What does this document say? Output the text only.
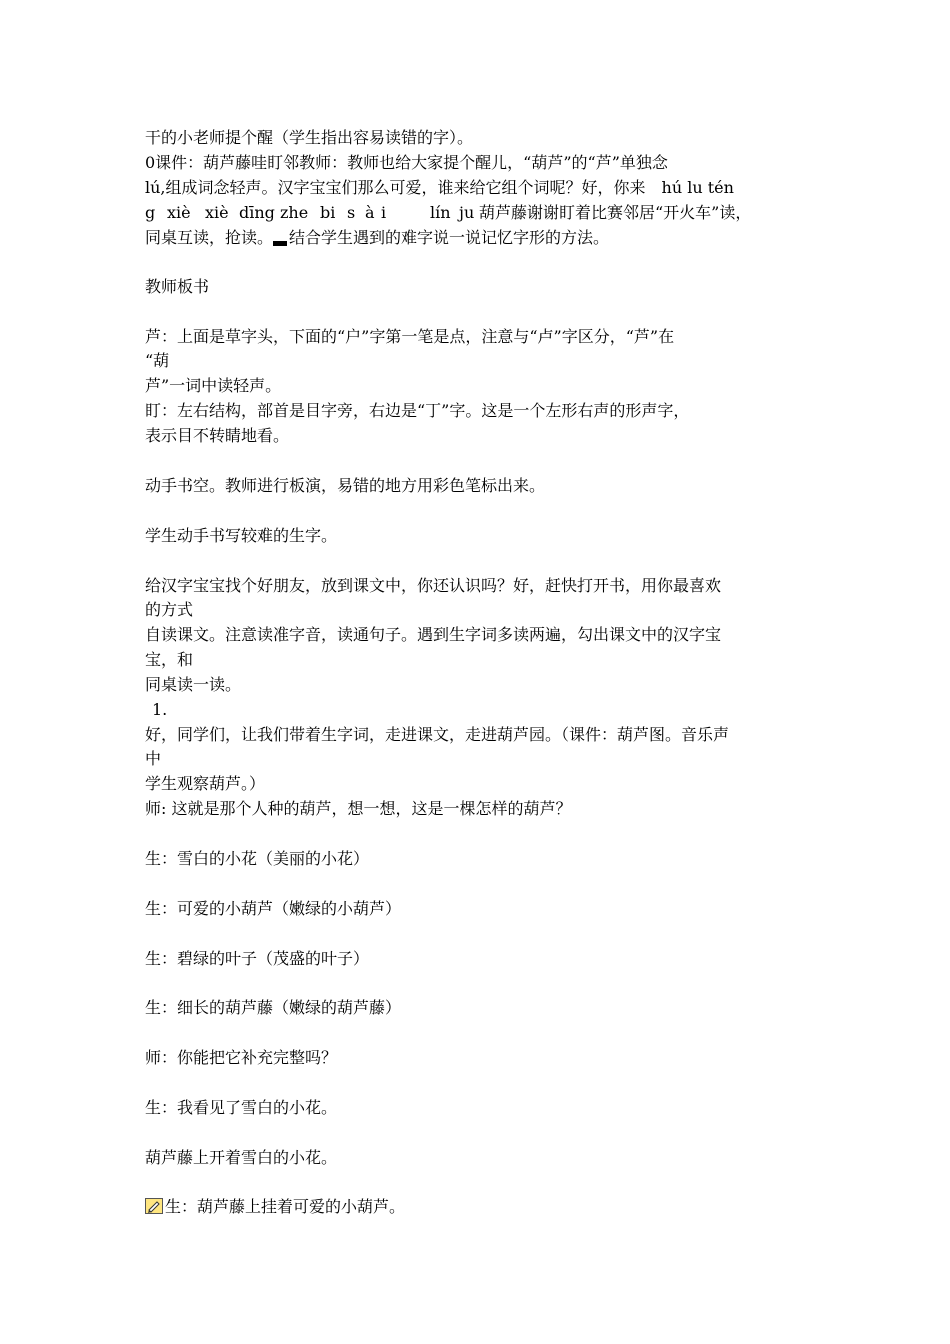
干的小老师提个醒（学生指出容易读错的字）。
0课件：葫芦藤哇盯邻教师：教师也给大家提个醒儿，“葫芦”的“芦”单独念
lú,组成词念轻声。汉字宝宝们那么可爱，谁来给它组个词呢？好，你来　hú lu tén
g xiè xiè dīng zhe bi s à i	lín ju 葫芦藤谢谢盯着比赛邻居“开火车”读，
同桌互读，抢读。 结合学生遇到的难字说一说记忆字形的方法。
教师板书
芦：上面是草字头，下面的“户”字第一笔是点，注意与“卢”字区分，“芦”在
“葫
芦”一词中读轻声。
盯：左右结构，部首是目字旁，右边是“丁”字。这是一个左形右声的形声字，
表示目不转睛地看。
动手书空。教师进行板演，易错的地方用彩色笔标出来。
学生动手书写较难的生字。
给汉字宝宝找个好朋友，放到课文中，你还认识吗？好，赶快打开书，用你最喜欢
的方式
自读课文。注意读准字音，读通句子。遇到生字词多读两遍，勾出课文中的汉字宝
宝，和
同桌读一读。
1.
好，同学们，让我们带着生字词，走进课文，走进葫芦园。（课件：葫芦图。音乐声
中
学生观察葫芦。）
师: 这就是那个人种的葫芦，想一想，这是一棵怎样的葫芦？
生：雪白的小花（美丽的小花）
生：可爱的小葫芦（嫩绿的小葫芦）
生：碧绿的叶子（茂盛的叶子）
生：细长的葫芦藤（嫩绿的葫芦藤）
师：你能把它补充完整吗？
生：我看见了雪白的小花。
葫芦藤上开着雪白的小花。
生：葫芦藤上挂着可爱的小葫芦。
